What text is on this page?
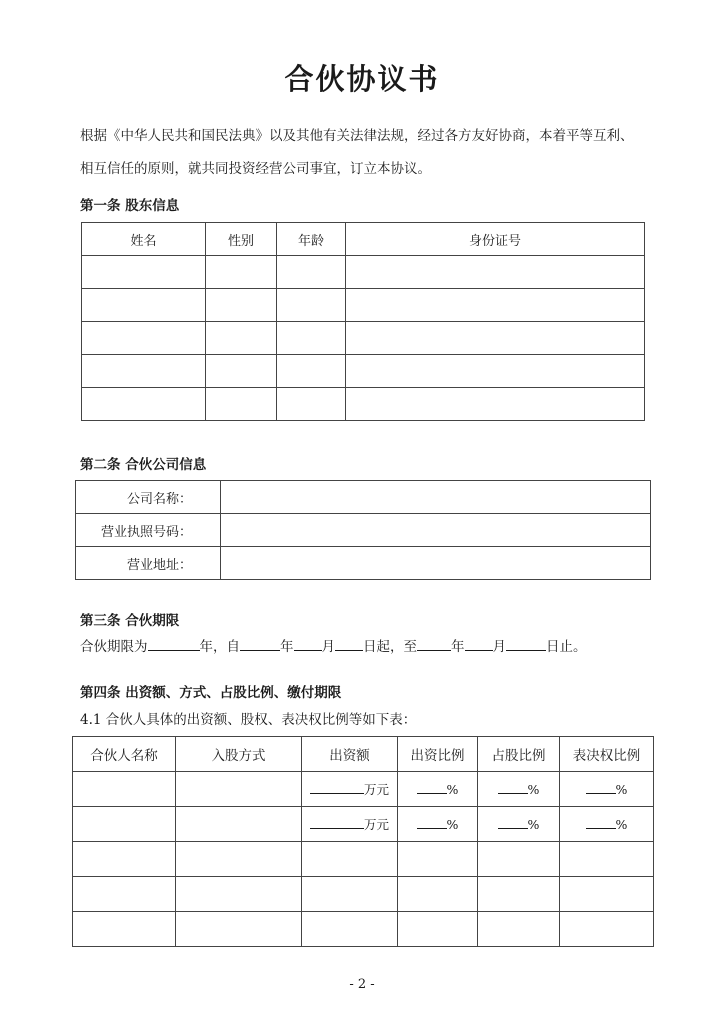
合伙协议书
根据《中华人民共和国民法典》以及其他有关法律法规，经过各方友好协商，本着平等互利、
相互信任的原则，就共同投资经营公司事宜，订立本协议。
第一条 股东信息
姓名	性别	年龄	身份证号

第二条 合伙公司信息
公司名称：	
营业执照号码：	
营业地址：	
第三条 合伙期限
合伙期限为	年，自	年 月 日起，至	年 月	日止。
第四条 出资额、方式、占股比例、缴付期限
4.1 合伙人具体的出资额、股权、表决权比例等如下表：
合伙人名称	入股方式	出资额	出资比例	占股比例	表决权比例
		万元	%	%	%
		万元	%	%	%

- 2 -
